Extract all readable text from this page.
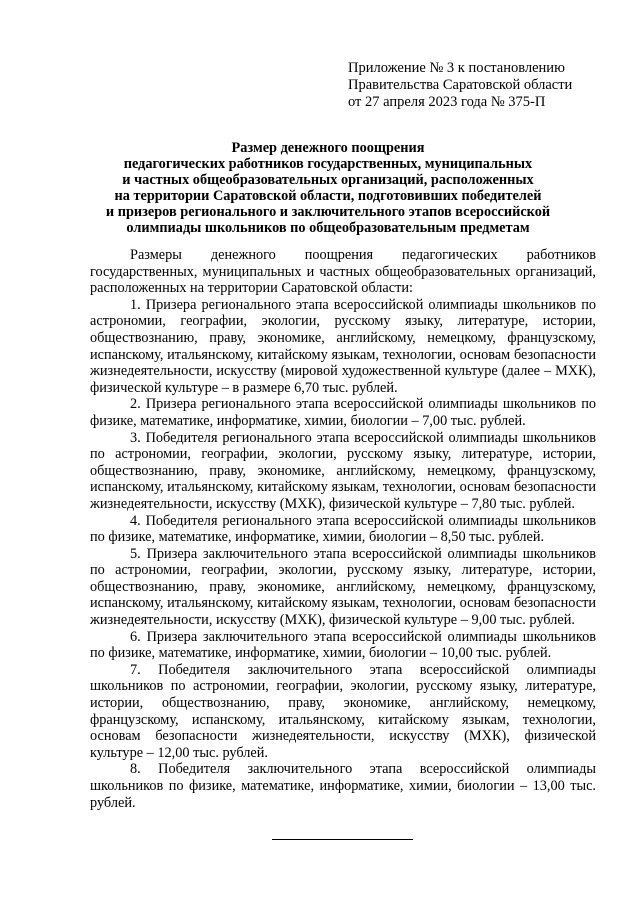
Приложение № 3 к постановлению
Правительства Саратовской области
от 27 апреля 2023 года № 375-П
Размер денежного поощрения
педагогических работников государственных, муниципальных
и частных общеобразовательных организаций, расположенных
на территории Саратовской области, подготовивших победителей
и призеров регионального и заключительного этапов всероссийской
олимпиады школьников по общеобразовательным предметам

Размеры денежного поощрения педагогических работников государственных, муниципальных и частных общеобразовательных организаций, расположенных на территории Саратовской области:

1. Призера регионального этапа всероссийской олимпиады школьников по астрономии, географии, экологии, русскому языку, литературе, истории, обществознанию, праву, экономике, английскому, немецкому, французскому, испанскому, итальянскому, китайскому языкам, технологии, основам безопасности жизнедеятельности, искусству (мировой художественной культуре (далее – МХК), физической культуре – в размере 6,70 тыс. рублей.

2. Призера регионального этапа всероссийской олимпиады школьников по физике, математике, информатике, химии, биологии – 7,00 тыс. рублей.

3. Победителя регионального этапа всероссийской олимпиады школьников по астрономии, географии, экологии, русскому языку, литературе, истории, обществознанию, праву, экономике, английскому, немецкому, французскому, испанскому, итальянскому, китайскому языкам, технологии, основам безопасности жизнедеятельности, искусству (МХК), физической культуре – 7,80 тыс. рублей.

4. Победителя регионального этапа всероссийской олимпиады школьников по физике, математике, информатике, химии, биологии – 8,50 тыс. рублей.

5. Призера заключительного этапа всероссийской олимпиады школьников по астрономии, географии, экологии, русскому языку, литературе, истории, обществознанию, праву, экономике, английскому, немецкому, французскому, испанскому, итальянскому, китайскому языкам, технологии, основам безопасности жизнедеятельности, искусству (МХК), физической культуре – 9,00 тыс. рублей.

6. Призера заключительного этапа всероссийской олимпиады школьников по физике, математике, информатике, химии, биологии – 10,00 тыс. рублей.

7. Победителя заключительного этапа всероссийской олимпиады школьников по астрономии, географии, экологии, русскому языку, литературе, истории, обществознанию, праву, экономике, английскому, немецкому, французскому, испанскому, итальянскому, китайскому языкам, технологии, основам безопасности жизнедеятельности, искусству (МХК), физической культуре – 12,00 тыс. рублей.

8. Победителя заключительного этапа всероссийской олимпиады школьников по физике, математике, информатике, химии, биологии – 13,00 тыс. рублей.
